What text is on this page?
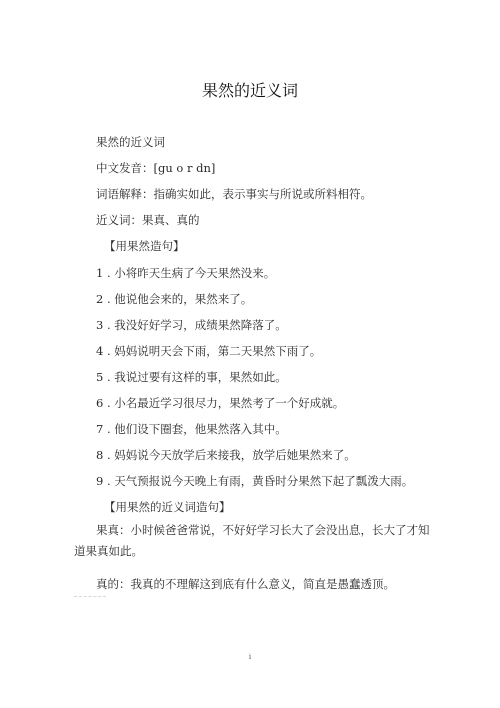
果然的近义词
果然的近义词
中文发音：[gu o r dn]
词语解释：指确实如此，表示事实与所说或所料相符。
近义词：果真、真的
【用果然造句】
1 . 小将昨天生病了今天果然没来。
2 . 他说他会来的，果然来了。
3 . 我没好好学习，成绩果然降落了。
4 . 妈妈说明天会下雨，第二天果然下雨了。
5 . 我说过要有这样的事，果然如此。
6 . 小名最近学习很尽力，果然考了一个好成就。
7 . 他们设下圈套，他果然落入其中。
8 . 妈妈说今天放学后来接我，放学后她果然来了。
9 . 天气预报说今天晚上有雨，黄昏时分果然下起了瓢泼大雨。
【用果然的近义词造句】
果真：小时候爸爸常说，不好好学习长大了会没出息，长大了才知道果真如此。
真的：我真的不理解这到底有什么意义，简直是愚蠢透顶。
i
